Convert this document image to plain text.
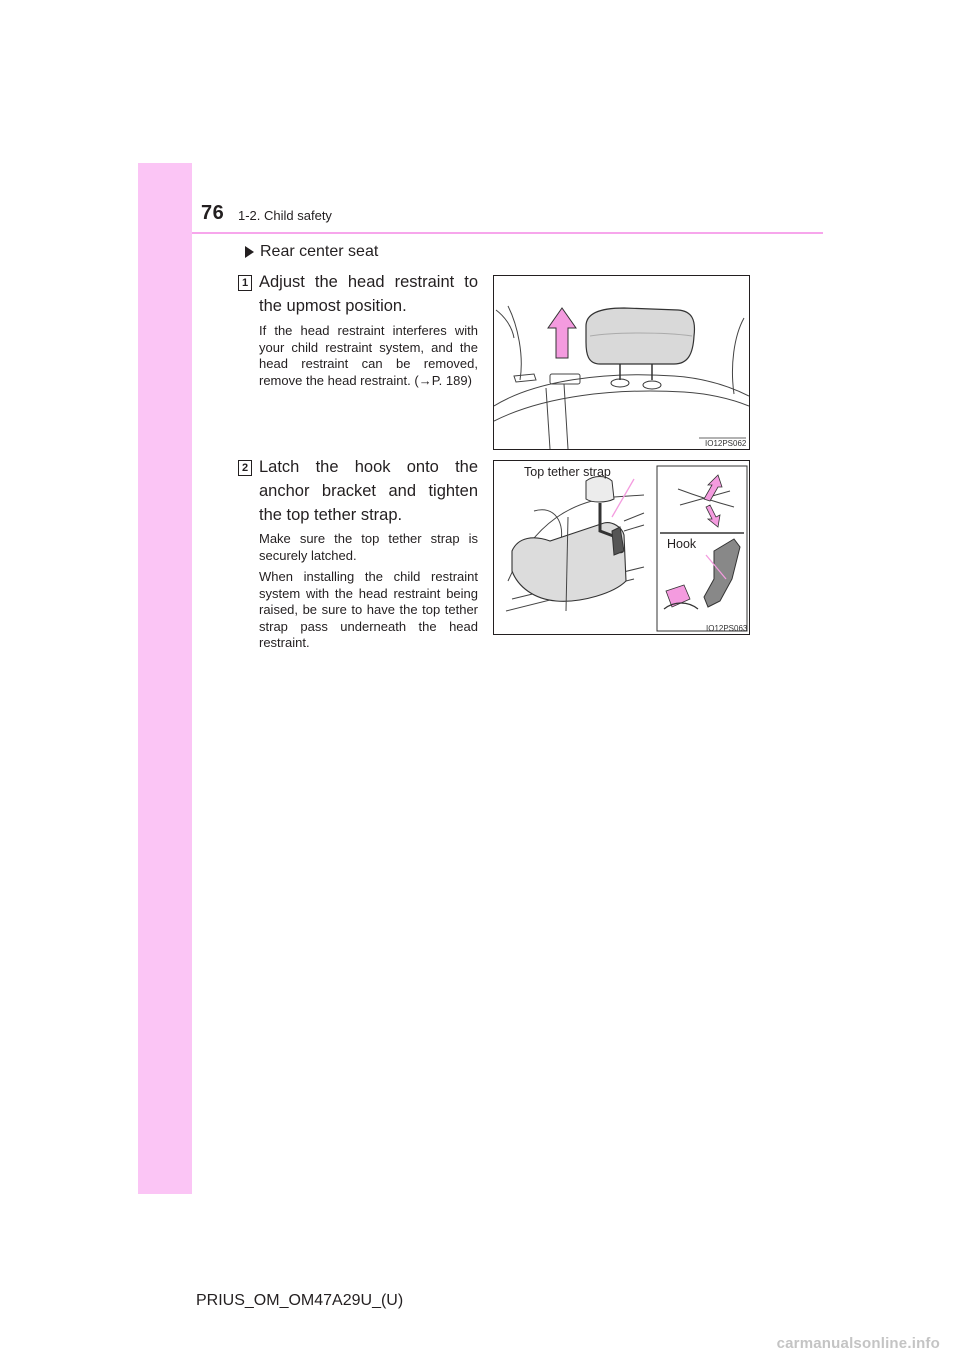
76 1-2. Child safety
Rear center seat
1 Adjust the head restraint to the upmost position.

If the head restraint interferes with your child restraint system, and the head restraint can be removed, remove the head restraint. (→P. 189)

IO12PS062
2 Latch the hook onto the anchor bracket and tighten the top tether strap.

Make sure the top tether strap is securely latched.

When installing the child restraint system with the head restraint being raised, be sure to have the top tether strap pass underneath the head restraint.

Top tether strap
Hook
IO12PS063
PRIUS_OM_OM47A29U_(U)
carmanualsonline.info
